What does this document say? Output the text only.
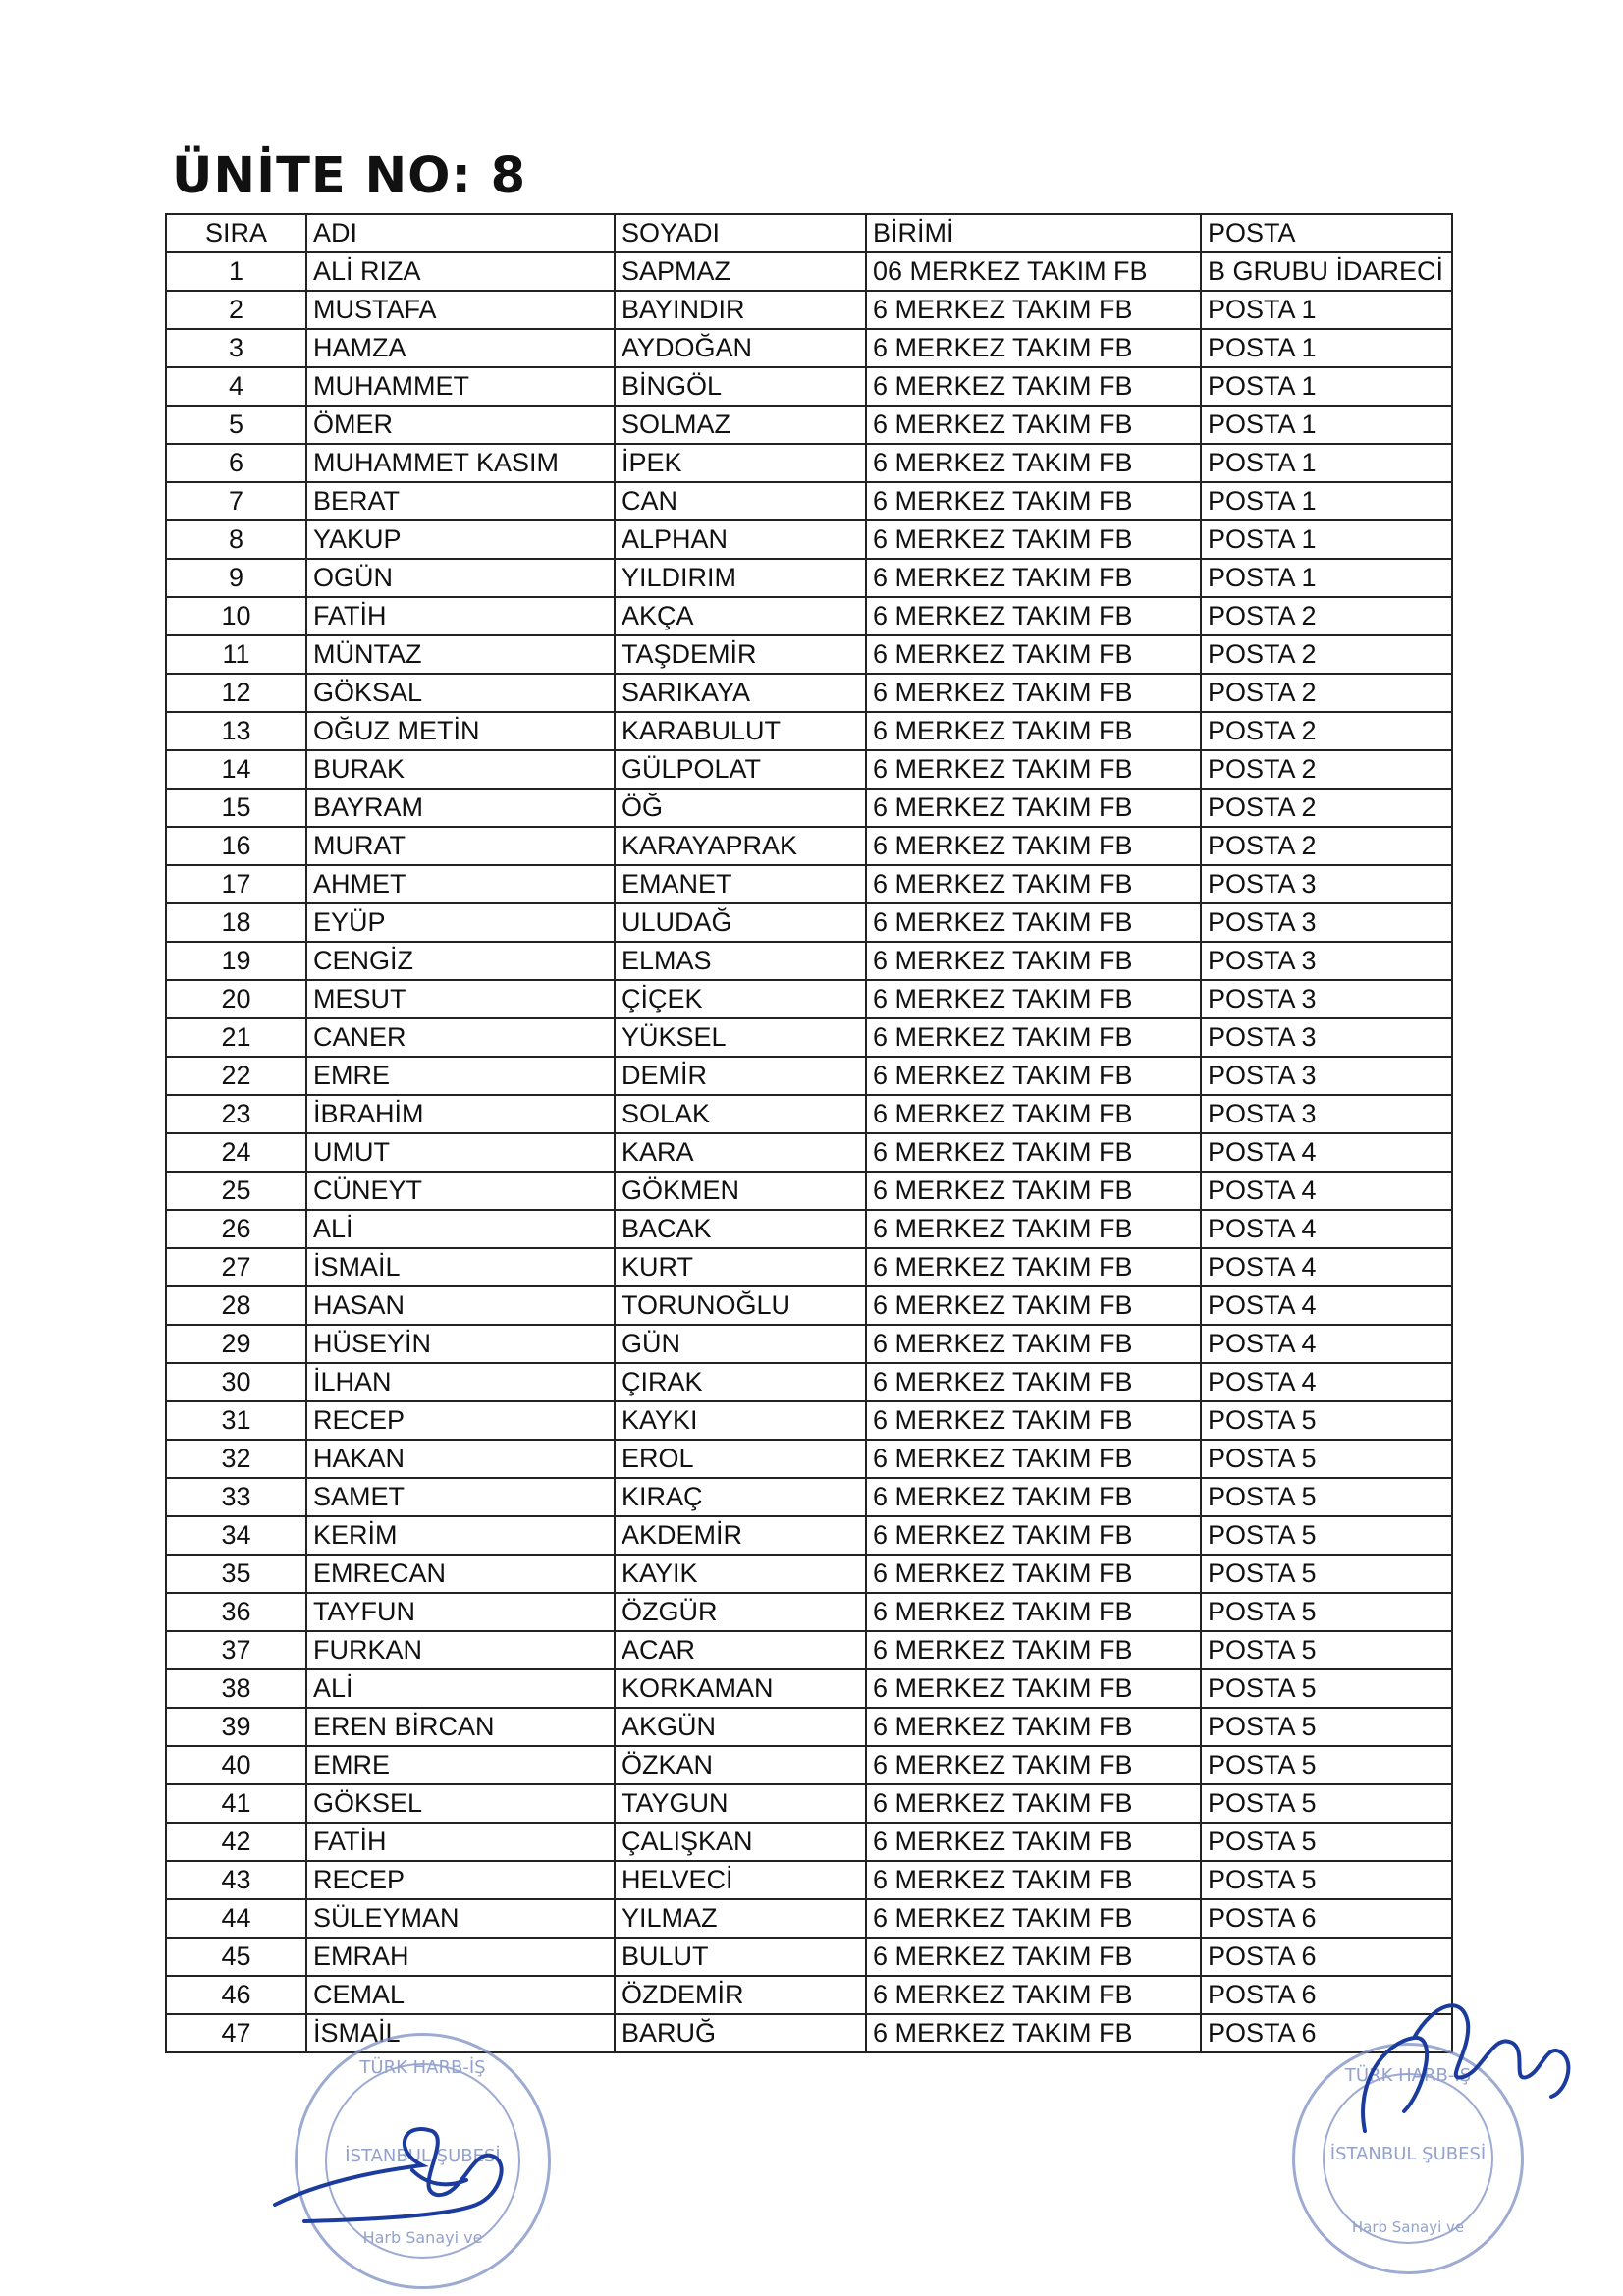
ÜNİTE NO: 8
SIRA	ADI	SOYADI	BİRİMİ	POSTA
1	ALİ RIZA	SAPMAZ	06 MERKEZ TAKIM FB	B GRUBU İDARECİ
2	MUSTAFA	BAYINDIR	6 MERKEZ TAKIM FB	POSTA 1
3	HAMZA	AYDOĞAN	6 MERKEZ TAKIM FB	POSTA 1
4	MUHAMMET	BİNGÖL	6 MERKEZ TAKIM FB	POSTA 1
5	ÖMER	SOLMAZ	6 MERKEZ TAKIM FB	POSTA 1
6	MUHAMMET KASIM	İPEK	6 MERKEZ TAKIM FB	POSTA 1
7	BERAT	CAN	6 MERKEZ TAKIM FB	POSTA 1
8	YAKUP	ALPHAN	6 MERKEZ TAKIM FB	POSTA 1
9	OGÜN	YILDIRIM	6 MERKEZ TAKIM FB	POSTA 1
10	FATİH	AKÇA	6 MERKEZ TAKIM FB	POSTA 2
11	MÜNTAZ	TAŞDEMİR	6 MERKEZ TAKIM FB	POSTA 2
12	GÖKSAL	SARIKAYA	6 MERKEZ TAKIM FB	POSTA 2
13	OĞUZ METİN	KARABULUT	6 MERKEZ TAKIM FB	POSTA 2
14	BURAK	GÜLPOLAT	6 MERKEZ TAKIM FB	POSTA 2
15	BAYRAM	ÖĞ	6 MERKEZ TAKIM FB	POSTA 2
16	MURAT	KARAYAPRAK	6 MERKEZ TAKIM FB	POSTA 2
17	AHMET	EMANET	6 MERKEZ TAKIM FB	POSTA 3
18	EYÜP	ULUDAĞ	6 MERKEZ TAKIM FB	POSTA 3
19	CENGİZ	ELMAS	6 MERKEZ TAKIM FB	POSTA 3
20	MESUT	ÇİÇEK	6 MERKEZ TAKIM FB	POSTA 3
21	CANER	YÜKSEL	6 MERKEZ TAKIM FB	POSTA 3
22	EMRE	DEMİR	6 MERKEZ TAKIM FB	POSTA 3
23	İBRAHİM	SOLAK	6 MERKEZ TAKIM FB	POSTA 3
24	UMUT	KARA	6 MERKEZ TAKIM FB	POSTA 4
25	CÜNEYT	GÖKMEN	6 MERKEZ TAKIM FB	POSTA 4
26	ALİ	BACAK	6 MERKEZ TAKIM FB	POSTA 4
27	İSMAİL	KURT	6 MERKEZ TAKIM FB	POSTA 4
28	HASAN	TORUNOĞLU	6 MERKEZ TAKIM FB	POSTA 4
29	HÜSEYİN	GÜN	6 MERKEZ TAKIM FB	POSTA 4
30	İLHAN	ÇIRAK	6 MERKEZ TAKIM FB	POSTA 4
31	RECEP	KAYKI	6 MERKEZ TAKIM FB	POSTA 5
32	HAKAN	EROL	6 MERKEZ TAKIM FB	POSTA 5
33	SAMET	KIRAÇ	6 MERKEZ TAKIM FB	POSTA 5
34	KERİM	AKDEMİR	6 MERKEZ TAKIM FB	POSTA 5
35	EMRECAN	KAYIK	6 MERKEZ TAKIM FB	POSTA 5
36	TAYFUN	ÖZGÜR	6 MERKEZ TAKIM FB	POSTA 5
37	FURKAN	ACAR	6 MERKEZ TAKIM FB	POSTA 5
38	ALİ	KORKAMAN	6 MERKEZ TAKIM FB	POSTA 5
39	EREN BİRCAN	AKGÜN	6 MERKEZ TAKIM FB	POSTA 5
40	EMRE	ÖZKAN	6 MERKEZ TAKIM FB	POSTA 5
41	GÖKSEL	TAYGUN	6 MERKEZ TAKIM FB	POSTA 5
42	FATİH	ÇALIŞKAN	6 MERKEZ TAKIM FB	POSTA 5
43	RECEP	HELVECİ	6 MERKEZ TAKIM FB	POSTA 5
44	SÜLEYMAN	YILMAZ	6 MERKEZ TAKIM FB	POSTA 6
45	EMRAH	BULUT	6 MERKEZ TAKIM FB	POSTA 6
46	CEMAL	ÖZDEMİR	6 MERKEZ TAKIM FB	POSTA 6
47	İSMAİL	BARUĞ	6 MERKEZ TAKIM FB	POSTA 6
TÜRK HARB-İŞ
İSTANBUL ŞUBESİ
Harb Sanayi ve
TÜRK HARB-İŞ
İSTANBUL ŞUBESİ
Harb Sanayi ve
